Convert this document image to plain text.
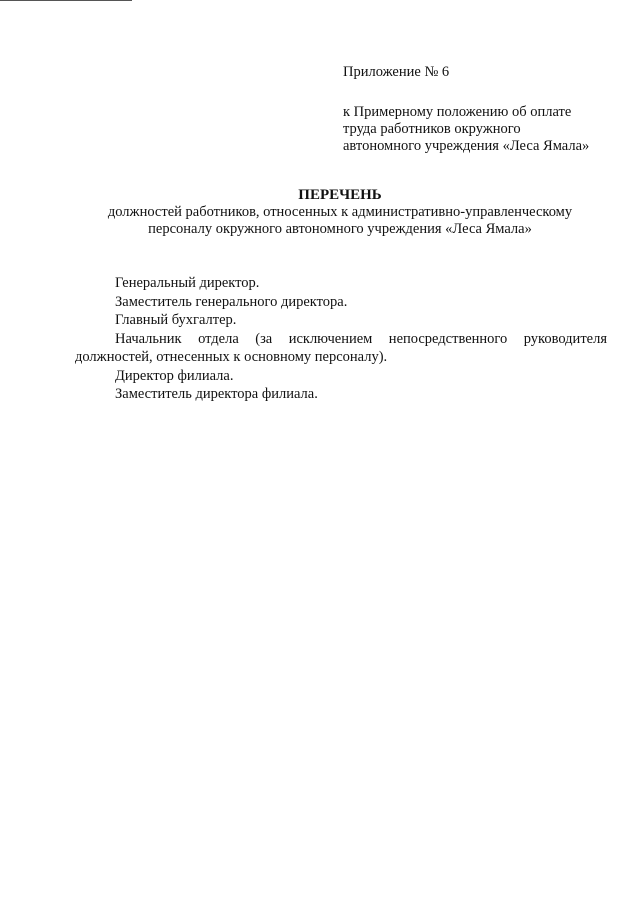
Приложение № 6

к Примерному положению об оплате
труда работников окружного
автономного учреждения «Леса Ямала»

ПЕРЕЧЕНЬ

должностей работников, относенных к административно-управленческому
персоналу окружного автономного учреждения «Леса Ямала»

Генеральный директор.
Заместитель генерального директора.
Главный бухгалтер.
Начальник отдела (за исключением непосредственного руководителя
должностей, отнесенных к основному персоналу).
Директор филиала.
Заместитель директора филиала.
